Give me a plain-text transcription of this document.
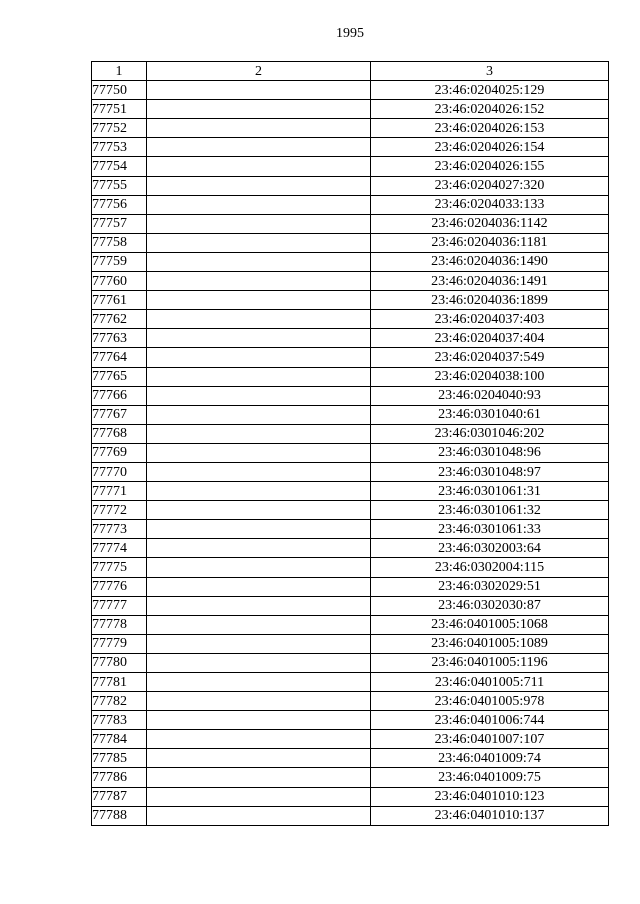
1995
1	2	3
77750		23:46:0204025:129
77751		23:46:0204026:152
77752		23:46:0204026:153
77753		23:46:0204026:154
77754		23:46:0204026:155
77755		23:46:0204027:320
77756		23:46:0204033:133
77757		23:46:0204036:1142
77758		23:46:0204036:1181
77759		23:46:0204036:1490
77760		23:46:0204036:1491
77761		23:46:0204036:1899
77762		23:46:0204037:403
77763		23:46:0204037:404
77764		23:46:0204037:549
77765		23:46:0204038:100
77766		23:46:0204040:93
77767		23:46:0301040:61
77768		23:46:0301046:202
77769		23:46:0301048:96
77770		23:46:0301048:97
77771		23:46:0301061:31
77772		23:46:0301061:32
77773		23:46:0301061:33
77774		23:46:0302003:64
77775		23:46:0302004:115
77776		23:46:0302029:51
77777		23:46:0302030:87
77778		23:46:0401005:1068
77779		23:46:0401005:1089
77780		23:46:0401005:1196
77781		23:46:0401005:711
77782		23:46:0401005:978
77783		23:46:0401006:744
77784		23:46:0401007:107
77785		23:46:0401009:74
77786		23:46:0401009:75
77787		23:46:0401010:123
77788		23:46:0401010:137
